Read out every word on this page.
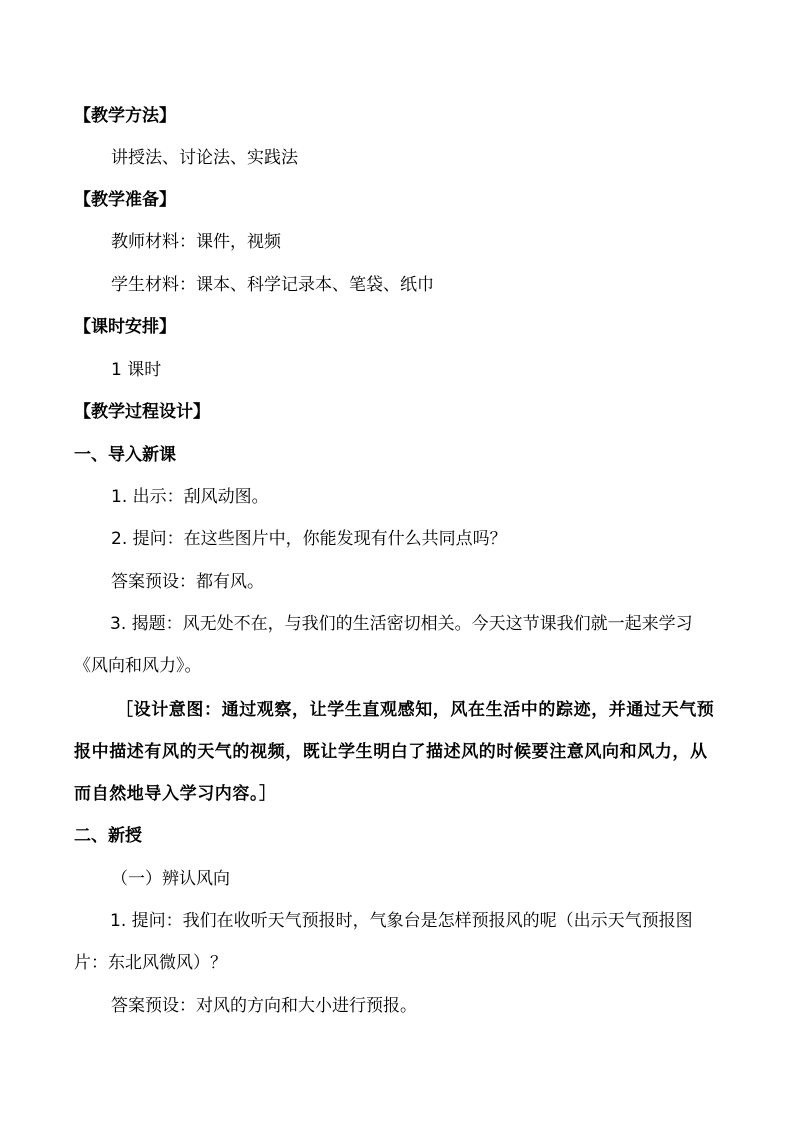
【教学方法】
讲授法、讨论法、实践法
【教学准备】
教师材料：课件，视频
学生材料：课本、科学记录本、笔袋、纸巾
【课时安排】
1 课时
【教学过程设计】
一、导入新课
1. 出示：刮风动图。
2. 提问：在这些图片中，你能发现有什么共同点吗？
答案预设：都有风。
3. 揭题：风无处不在，与我们的生活密切相关。今天这节课我们就一起来学习《风向和风力》。
［设计意图：通过观察，让学生直观感知，风在生活中的踪迹，并通过天气预报中描述有风的天气的视频，既让学生明白了描述风的时候要注意风向和风力，从而自然地导入学习内容。］
二、新授
（一）辨认风向
1. 提问：我们在收听天气预报时，气象台是怎样预报风的呢（出示天气预报图片：东北风微风）？
答案预设：对风的方向和大小进行预报。
